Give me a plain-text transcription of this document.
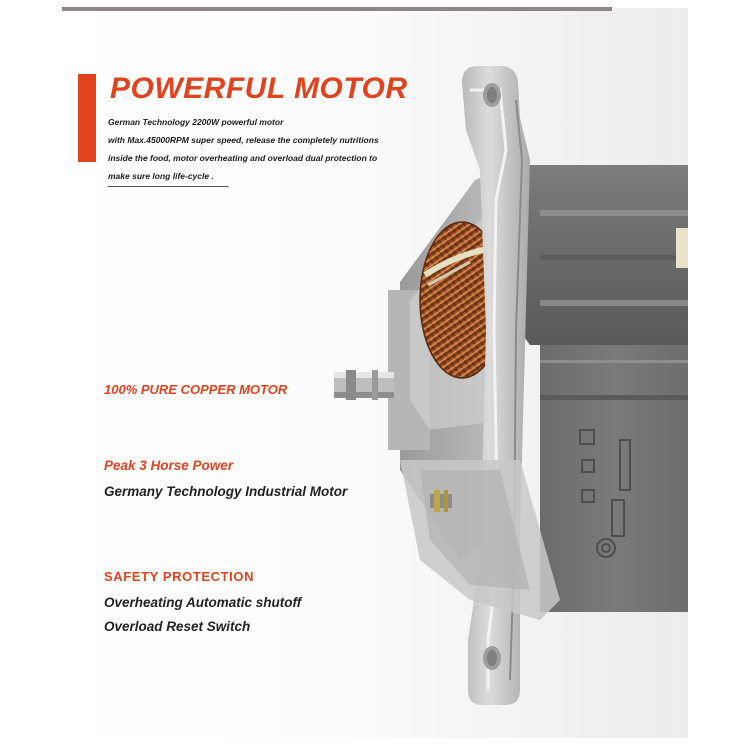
POWERFUL MOTOR

German Technology 2200W powerful motor

with Max.45000RPM super speed, release the completely nutritions

inside the food, motor overheating and overload dual protection to

make sure long life-cycle .

100% PURE COPPER MOTOR
Peak 3 Horse Power
Germany Technology Industrial Motor
SAFETY PROTECTION
Overheating Automatic shutoff
Overload Reset Switch
